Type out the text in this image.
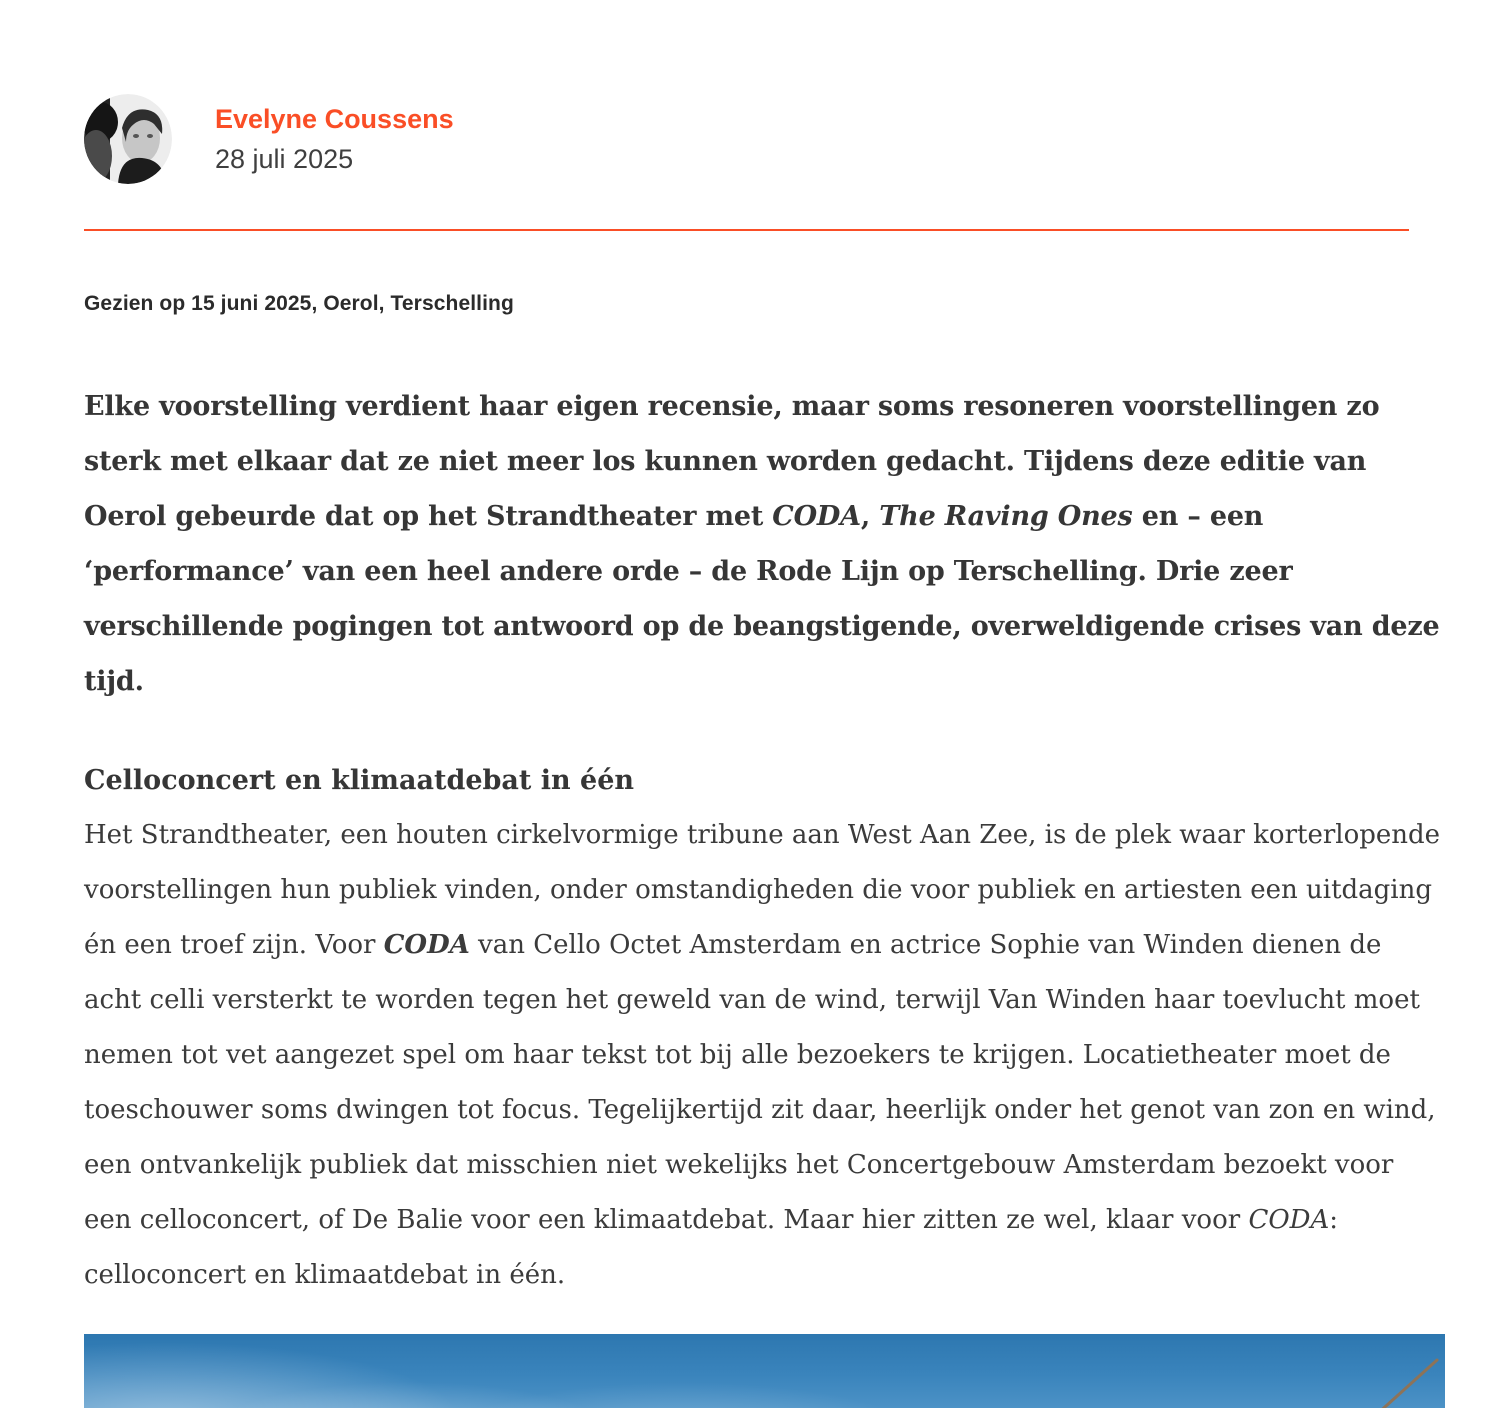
Evelyne Coussens
28 juli 2025
Gezien op 15 juni 2025, Oerol, Terschelling

Elke voorstelling verdient haar eigen recensie, maar soms resoneren voorstellingen zo sterk met elkaar dat ze niet meer los kunnen worden gedacht. Tijdens deze editie van Oerol gebeurde dat op het Strandtheater met CODA, The Raving Ones en – een ‘performance’ van een heel andere orde – de Rode Lijn op Terschelling. Drie zeer verschillende pogingen tot antwoord op de beangstigende, overweldigende crises van deze tijd.

Celloconcert en klimaatdebat in één

Het Strandtheater, een houten cirkelvormige tribune aan West Aan Zee, is de plek waar korterlopende voorstellingen hun publiek vinden, onder omstandigheden die voor publiek en artiesten een uitdaging én een troef zijn. Voor CODA van Cello Octet Amsterdam en actrice Sophie van Winden dienen de acht celli versterkt te worden tegen het geweld van de wind, terwijl Van Winden haar toevlucht moet nemen tot vet aangezet spel om haar tekst tot bij alle bezoekers te krijgen. Locatietheater moet de toeschouwer soms dwingen tot focus. Tegelijkertijd zit daar, heerlijk onder het genot van zon en wind, een ontvankelijk publiek dat misschien niet wekelijks het Concertgebouw Amsterdam bezoekt voor een celloconcert, of De Balie voor een klimaatdebat. Maar hier zitten ze wel, klaar voor CODA: celloconcert en klimaatdebat in één.
